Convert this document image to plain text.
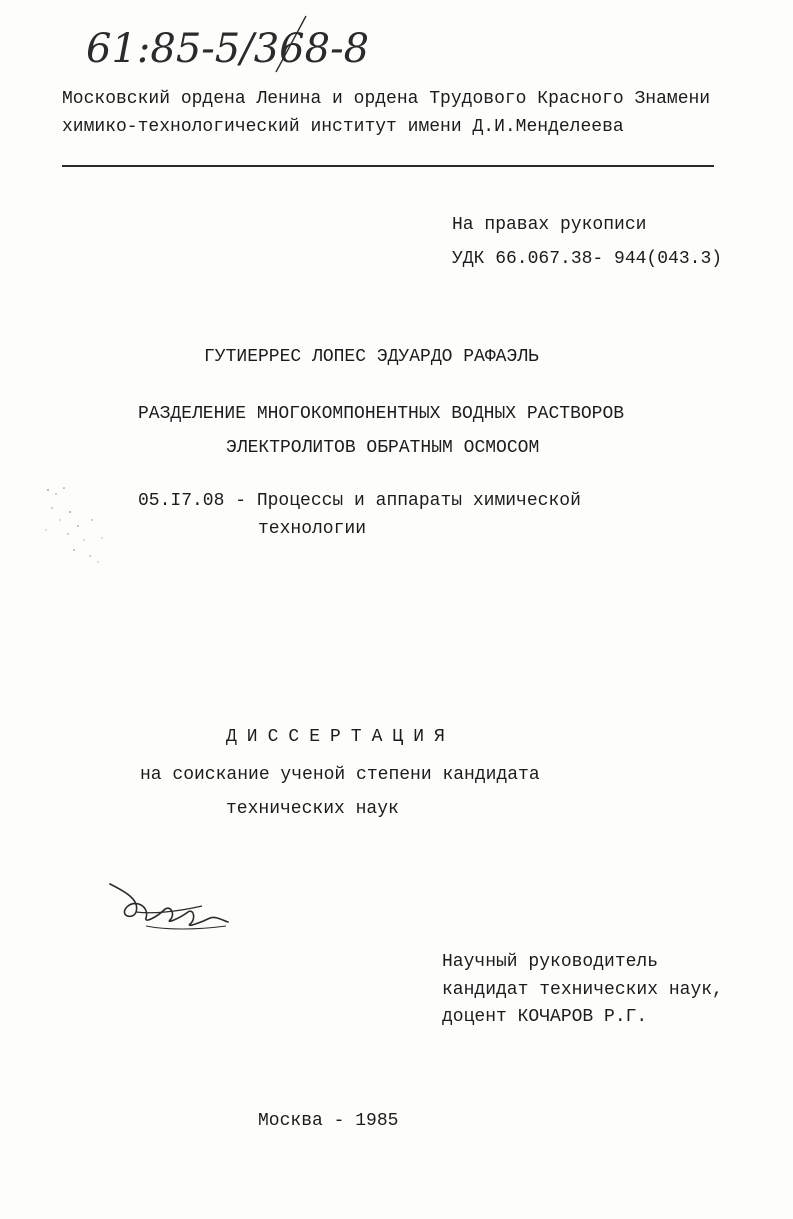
61:85-5/368-8
Московский ордена Ленина и ордена Трудового Красного Знамени
химико-технологический институт имени Д.И.Менделеева
На правах рукописи
УДК 66.067.38- 944(043.3)
ГУТИЕРРЕС ЛОПЕС ЭДУАРДО РАФАЭЛЬ
РАЗДЕЛЕНИЕ МНОГОКОМПОНЕНТНЫХ ВОДНЫХ РАСТВОРОВ
ЭЛЕКТРОЛИТОВ ОБРАТНЫМ ОСМОСОМ
05.I7.08 - Процессы и аппараты химической
технологии
ДИССЕРТАЦИЯ
на соискание ученой степени кандидата
технических наук
Научный руководитель
кандидат технических наук,
доцент КОЧАРОВ Р.Г.
Москва - 1985
